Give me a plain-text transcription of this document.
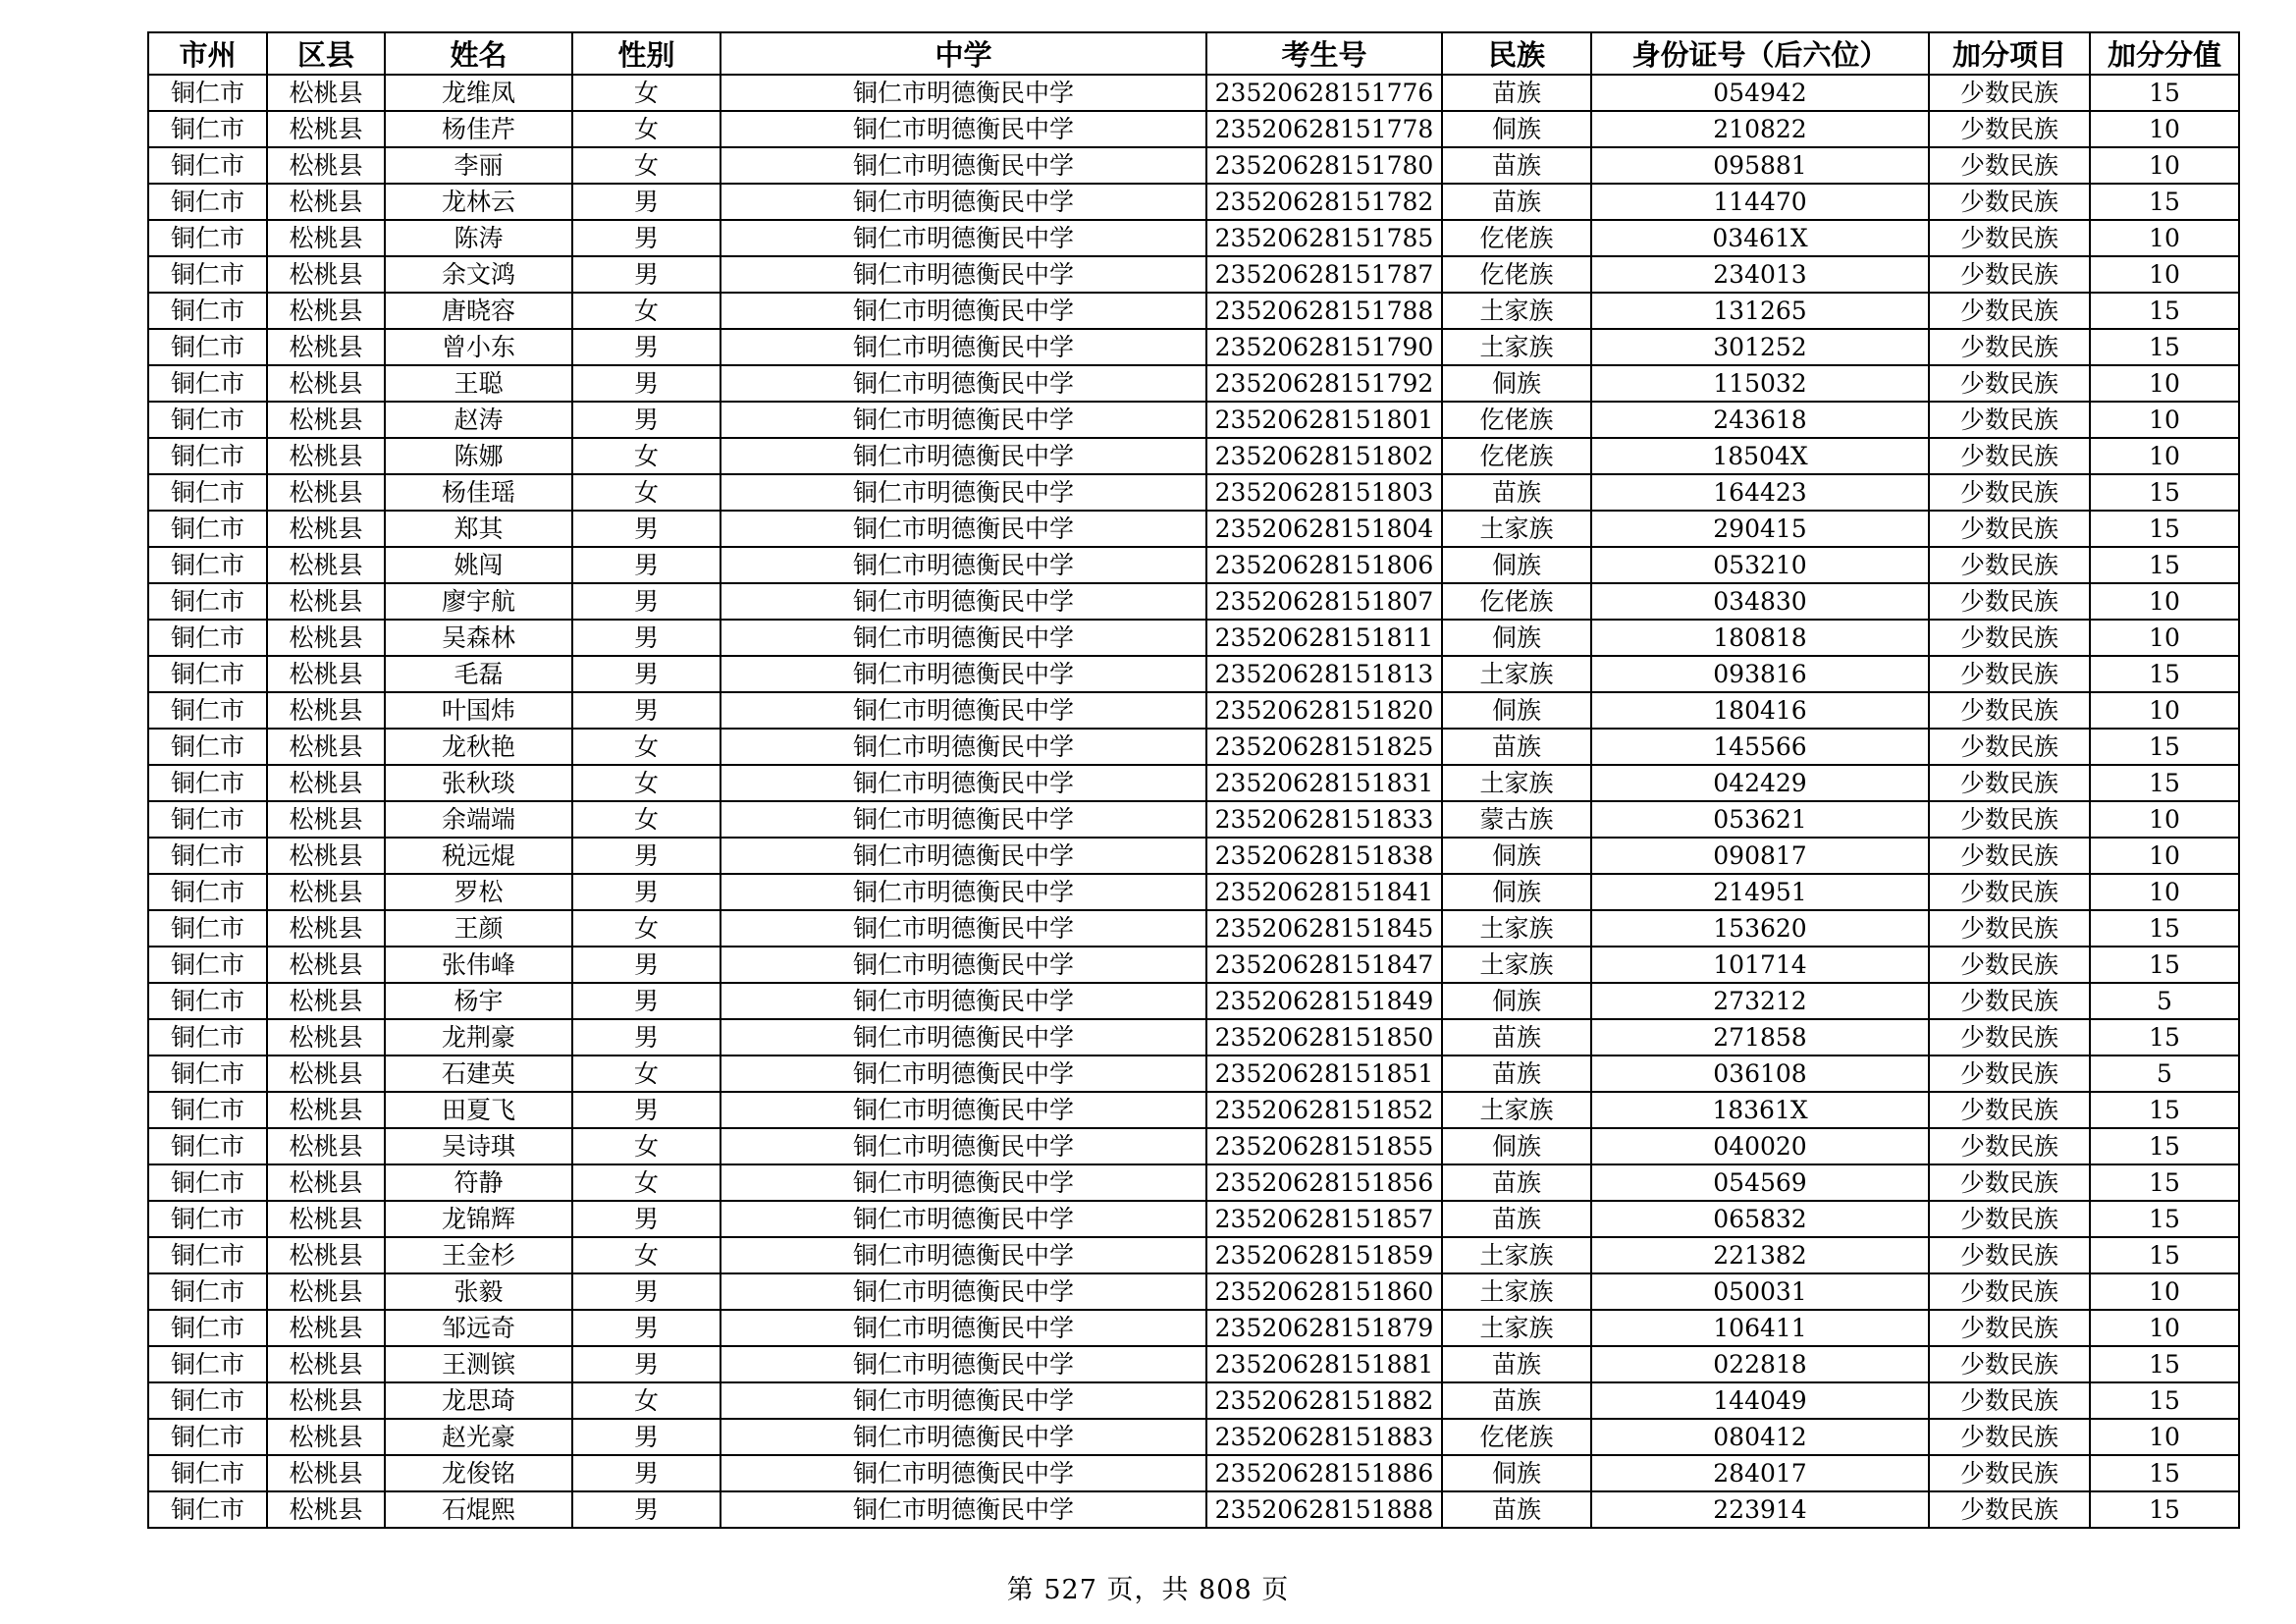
市州	区县	姓名	性别	中学	考生号	民族	身份证号（后六位）	加分项目	加分分值
铜仁市	松桃县	龙维凤	女	铜仁市明德衡民中学	23520628151776	苗族	054942	少数民族	15
铜仁市	松桃县	杨佳芹	女	铜仁市明德衡民中学	23520628151778	侗族	210822	少数民族	10
铜仁市	松桃县	李丽	女	铜仁市明德衡民中学	23520628151780	苗族	095881	少数民族	10
铜仁市	松桃县	龙林云	男	铜仁市明德衡民中学	23520628151782	苗族	114470	少数民族	15
铜仁市	松桃县	陈涛	男	铜仁市明德衡民中学	23520628151785	仡佬族	03461X	少数民族	10
铜仁市	松桃县	余文鸿	男	铜仁市明德衡民中学	23520628151787	仡佬族	234013	少数民族	10
铜仁市	松桃县	唐晓容	女	铜仁市明德衡民中学	23520628151788	土家族	131265	少数民族	15
铜仁市	松桃县	曾小东	男	铜仁市明德衡民中学	23520628151790	土家族	301252	少数民族	15
铜仁市	松桃县	王聪	男	铜仁市明德衡民中学	23520628151792	侗族	115032	少数民族	10
铜仁市	松桃县	赵涛	男	铜仁市明德衡民中学	23520628151801	仡佬族	243618	少数民族	10
铜仁市	松桃县	陈娜	女	铜仁市明德衡民中学	23520628151802	仡佬族	18504X	少数民族	10
铜仁市	松桃县	杨佳瑶	女	铜仁市明德衡民中学	23520628151803	苗族	164423	少数民族	15
铜仁市	松桃县	郑其	男	铜仁市明德衡民中学	23520628151804	土家族	290415	少数民族	15
铜仁市	松桃县	姚闯	男	铜仁市明德衡民中学	23520628151806	侗族	053210	少数民族	15
铜仁市	松桃县	廖宇航	男	铜仁市明德衡民中学	23520628151807	仡佬族	034830	少数民族	10
铜仁市	松桃县	吴森林	男	铜仁市明德衡民中学	23520628151811	侗族	180818	少数民族	10
铜仁市	松桃县	毛磊	男	铜仁市明德衡民中学	23520628151813	土家族	093816	少数民族	15
铜仁市	松桃县	叶国炜	男	铜仁市明德衡民中学	23520628151820	侗族	180416	少数民族	10
铜仁市	松桃县	龙秋艳	女	铜仁市明德衡民中学	23520628151825	苗族	145566	少数民族	15
铜仁市	松桃县	张秋琰	女	铜仁市明德衡民中学	23520628151831	土家族	042429	少数民族	15
铜仁市	松桃县	余端端	女	铜仁市明德衡民中学	23520628151833	蒙古族	053621	少数民族	10
铜仁市	松桃县	税远焜	男	铜仁市明德衡民中学	23520628151838	侗族	090817	少数民族	10
铜仁市	松桃县	罗松	男	铜仁市明德衡民中学	23520628151841	侗族	214951	少数民族	10
铜仁市	松桃县	王颜	女	铜仁市明德衡民中学	23520628151845	土家族	153620	少数民族	15
铜仁市	松桃县	张伟峰	男	铜仁市明德衡民中学	23520628151847	土家族	101714	少数民族	15
铜仁市	松桃县	杨宇	男	铜仁市明德衡民中学	23520628151849	侗族	273212	少数民族	5
铜仁市	松桃县	龙荆豪	男	铜仁市明德衡民中学	23520628151850	苗族	271858	少数民族	15
铜仁市	松桃县	石建英	女	铜仁市明德衡民中学	23520628151851	苗族	036108	少数民族	5
铜仁市	松桃县	田夏飞	男	铜仁市明德衡民中学	23520628151852	土家族	18361X	少数民族	15
铜仁市	松桃县	吴诗琪	女	铜仁市明德衡民中学	23520628151855	侗族	040020	少数民族	15
铜仁市	松桃县	符静	女	铜仁市明德衡民中学	23520628151856	苗族	054569	少数民族	15
铜仁市	松桃县	龙锦辉	男	铜仁市明德衡民中学	23520628151857	苗族	065832	少数民族	15
铜仁市	松桃县	王金杉	女	铜仁市明德衡民中学	23520628151859	土家族	221382	少数民族	15
铜仁市	松桃县	张毅	男	铜仁市明德衡民中学	23520628151860	土家族	050031	少数民族	10
铜仁市	松桃县	邹远奇	男	铜仁市明德衡民中学	23520628151879	土家族	106411	少数民族	10
铜仁市	松桃县	王测镔	男	铜仁市明德衡民中学	23520628151881	苗族	022818	少数民族	15
铜仁市	松桃县	龙思琦	女	铜仁市明德衡民中学	23520628151882	苗族	144049	少数民族	15
铜仁市	松桃县	赵光豪	男	铜仁市明德衡民中学	23520628151883	仡佬族	080412	少数民族	10
铜仁市	松桃县	龙俊铭	男	铜仁市明德衡民中学	23520628151886	侗族	284017	少数民族	15
铜仁市	松桃县	石焜熙	男	铜仁市明德衡民中学	23520628151888	苗族	223914	少数民族	15
第 527 页，共 808 页
